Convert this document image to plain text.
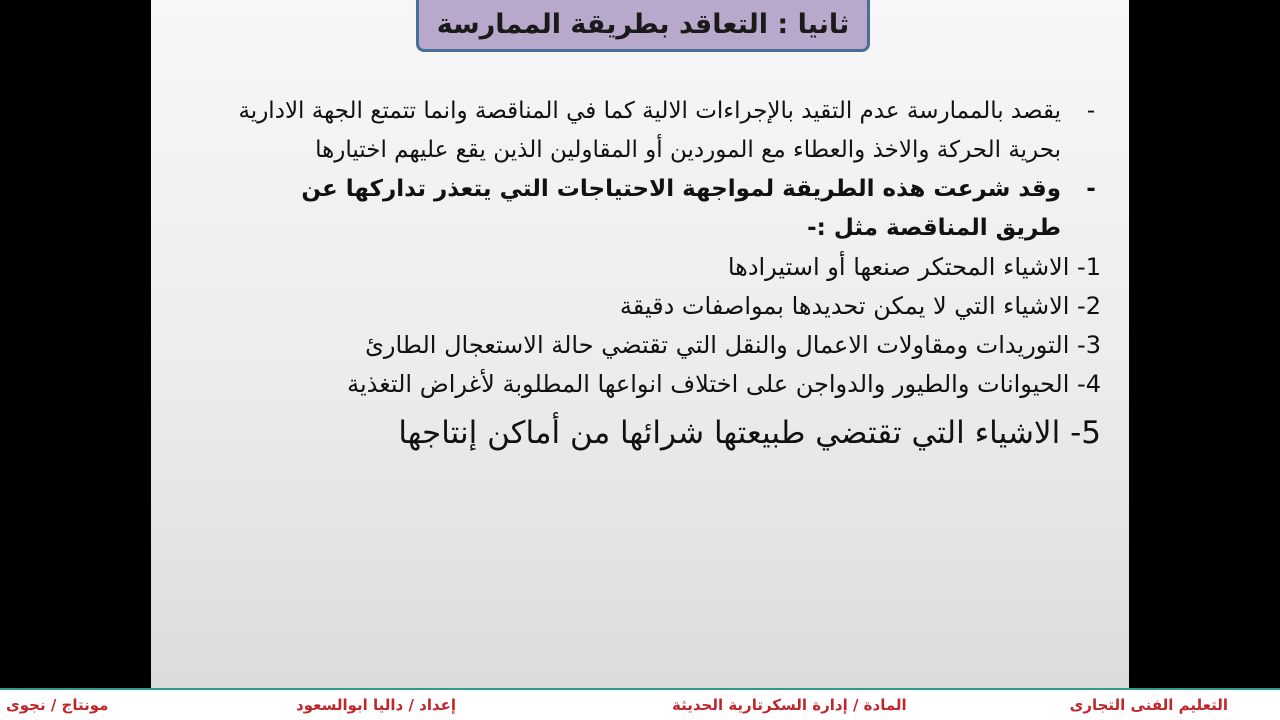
ثانيا : التعاقد بطريقة الممارسة
-
يقصد بالممارسة عدم التقيد بالإجراءات الالية كما في المناقصة وانما تتمتع الجهة الادارية بحرية الحركة والاخذ والعطاء مع الموردين أو المقاولين الذين يقع عليهم اختيارها
-
وقد شرعت هذه الطريقة لمواجهة الاحتياجات التي يتعذر تداركها عن طريق المناقصة مثل :-
1- الاشياء المحتكر صنعها أو استيرادها
2- الاشياء التي لا يمكن تحديدها بمواصفات دقيقة
3- التوريدات ومقاولات الاعمال والنقل التي تقتضي حالة الاستعجال الطارئ
4- الحيوانات والطيور والدواجن على اختلاف انواعها المطلوبة لأغراض التغذية
5- الاشياء التي تقتضي طبيعتها شرائها من أماكن إنتاجها
التعليم الفنى التجارى
المادة / إدارة السكرتارية الحديثة
إعداد / داليا ابوالسعود
مونتاج / نجوى
